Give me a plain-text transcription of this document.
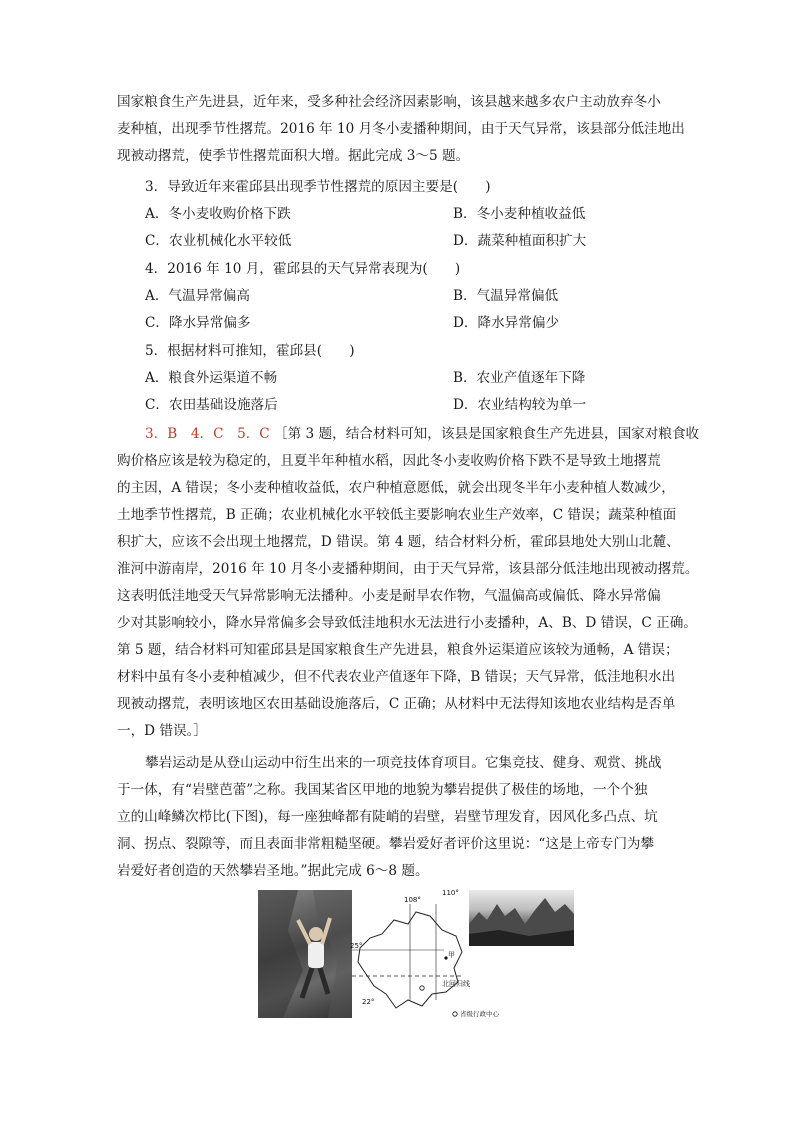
国家粮食生产先进县，近年来，受多种社会经济因素影响，该县越来越多农户主动放弃冬小
麦种植，出现季节性撂荒。2016 年 10 月冬小麦播种期间，由于天气异常，该县部分低洼地出
现被动撂荒，使季节性撂荒面积大增。据此完成 3～5 题。
3．导致近年来霍邱县出现季节性撂荒的原因主要是(　　)
A．冬小麦收购价格下跌	B．冬小麦种植收益低
C．农业机械化水平较低	D．蔬菜种植面积扩大
4．2016 年 10 月，霍邱县的天气异常表现为(　　)
A．气温异常偏高	B．气温异常偏低
C．降水异常偏多	D．降水异常偏少
5．根据材料可推知，霍邱县(　　)
A．粮食外运渠道不畅	B．农业产值逐年下降
C．农田基础设施落后	D．农业结构较为单一
3．B　4．C　5．C ［第 3 题，结合材料可知，该县是国家粮食生产先进县，国家对粮食收
购价格应该是较为稳定的，且夏半年种植水稻，因此冬小麦收购价格下跌不是导致土地撂荒
的主因，A 错误；冬小麦种植收益低，农户种植意愿低，就会出现冬半年小麦种植人数减少，
土地季节性撂荒，B 正确；农业机械化水平较低主要影响农业生产效率，C 错误；蔬菜种植面
积扩大，应该不会出现土地撂荒，D 错误。第 4 题，结合材料分析，霍邱县地处大别山北麓、
淮河中游南岸，2016 年 10 月冬小麦播种期间，由于天气异常，该县部分低洼地出现被动撂荒。
这表明低洼地受天气异常影响无法播种。小麦是耐旱农作物，气温偏高或偏低、降水异常偏
少对其影响较小，降水异常偏多会导致低洼地积水无法进行小麦播种，A、B、D 错误，C 正确。
第 5 题，结合材料可知霍邱县是国家粮食生产先进县，粮食外运渠道应该较为通畅，A 错误；
材料中虽有冬小麦种植减少，但不代表农业产值逐年下降，B 错误；天气异常，低洼地积水出
现被动撂荒，表明该地区农田基础设施落后，C 正确；从材料中无法得知该地农业结构是否单
一，D 错误。］
攀岩运动是从登山运动中衍生出来的一项竞技体育项目。它集竞技、健身、观赏、挑战
于一体，有“岩壁芭蕾”之称。我国某省区甲地的地貌为攀岩提供了极佳的场地，一个个独
立的山峰鳞次栉比(下图)，每一座独峰都有陡峭的岩壁，岩壁节理发育，因风化多凸点、坑
洞、拐点、裂隙等，而且表面非常粗糙坚硬。攀岩爱好者评价这里说：“这是上帝专门为攀
岩爱好者创造的天然攀岩圣地。”据此完成 6～8 题。
108°
110°
25°
22°
甲
北回归线
省级行政中心
